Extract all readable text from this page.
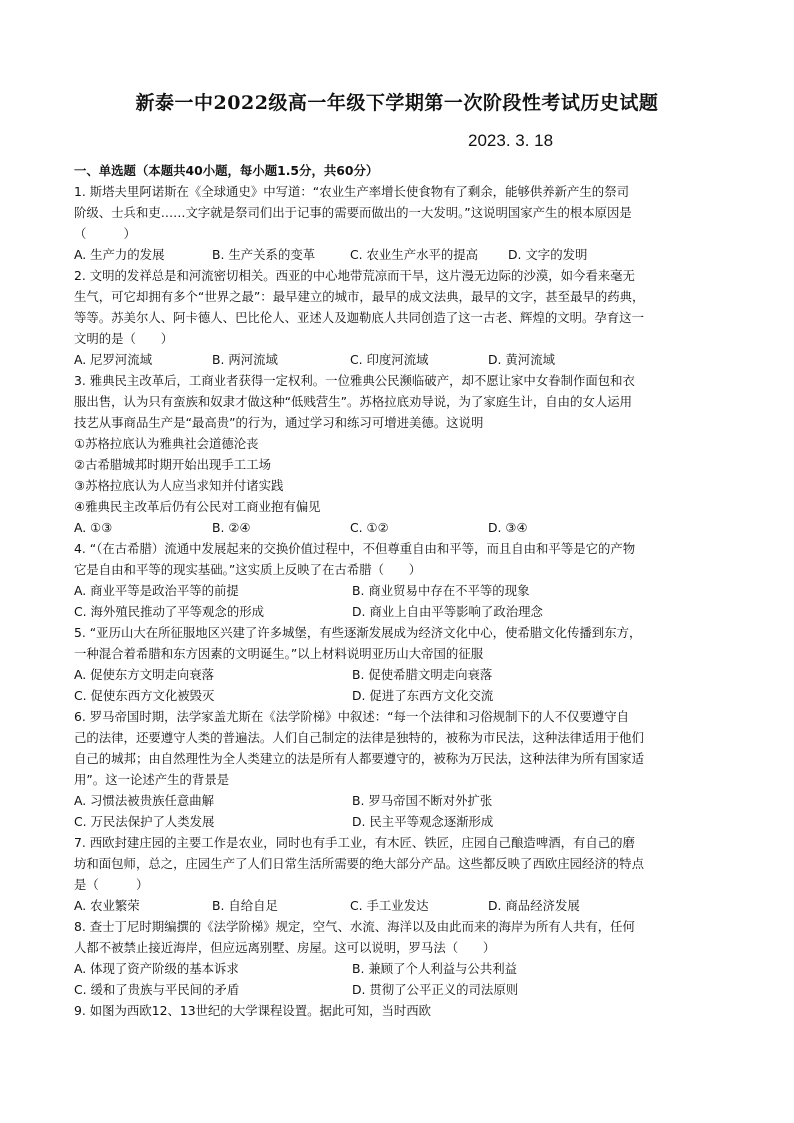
新泰一中2022级高一年级下学期第一次阶段性考试历史试题
2023. 3. 18
一、单选题（本题共40小题，每小题1.5分，共60分）
1. 斯塔夫里阿诺斯在《全球通史》中写道：“农业生产率增长使食物有了剩余，能够供养新产生的祭司
阶级、士兵和吏……文字就是祭司们出于记事的需要而做出的一大发明。”这说明国家产生的根本原因是
（　　　）
A. 生产力的发展	B. 生产关系的变革	C. 农业生产水平的提高	D. 文字的发明
2. 文明的发祥总是和河流密切相关。西亚的中心地带荒凉而干旱，这片漫无边际的沙漠，如今看来毫无
生气，可它却拥有多个“世界之最”：最早建立的城市，最早的成文法典，最早的文字，甚至最早的药典，
等等。苏美尔人、阿卡德人、巴比伦人、亚述人及迦勒底人共同创造了这一古老、辉煌的文明。孕育这一
文明的是（　　）
A. 尼罗河流域	B. 两河流域	C. 印度河流域	D. 黄河流域
3. 雅典民主改革后，工商业者获得一定权利。一位雅典公民濒临破产，却不愿让家中女眷制作面包和衣
服出售，认为只有蛮族和奴隶才做这种“低贱营生”。苏格拉底劝导说，为了家庭生计，自由的女人运用
技艺从事商品生产是“最高贵”的行为，通过学习和练习可增进美德。这说明
①苏格拉底认为雅典社会道德沦丧
②古希腊城邦时期开始出现手工工场
③苏格拉底认为人应当求知并付诸实践
④雅典民主改革后仍有公民对工商业抱有偏见
A. ①③	B. ②④	C. ①②	D. ③④
4. “（在古希腊）流通中发展起来的交换价值过程中，不但尊重自由和平等，而且自由和平等是它的产物
它是自由和平等的现实基础。”这实质上反映了在古希腊（　　）
A. 商业平等是政治平等的前提	B. 商业贸易中存在不平等的现象
C. 海外殖民推动了平等观念的形成	D. 商业上自由平等影响了政治理念
5. “亚历山大在所征服地区兴建了许多城堡，有些逐渐发展成为经济文化中心，使希腊文化传播到东方，
一种混合着希腊和东方因素的文明诞生。”以上材料说明亚历山大帝国的征服
A. 促使东方文明走向衰落	B. 促使希腊文明走向衰落
C. 促使东西方文化被毁灭	D. 促进了东西方文化交流
6. 罗马帝国时期，法学家盖尤斯在《法学阶梯》中叙述：“每一个法律和习俗规制下的人不仅要遵守自
己的法律，还要遵守人类的普遍法。人们自己制定的法律是独特的，被称为市民法，这种法律适用于他们
自己的城邦；由自然理性为全人类建立的法是所有人都要遵守的，被称为万民法，这种法律为所有国家适
用”。这一论述产生的背景是
A. 习惯法被贵族任意曲解	B. 罗马帝国不断对外扩张
C. 万民法保护了人类发展	D. 民主平等观念逐渐形成
7. 西欧封建庄园的主要工作是农业，同时也有手工业，有木匠、铁匠，庄园自己酿造啤酒，有自己的磨
坊和面包师，总之，庄园生产了人们日常生活所需要的绝大部分产品。这些都反映了西欧庄园经济的特点
是（　　　）
A. 农业繁荣	B. 自给自足	C. 手工业发达	D. 商品经济发展
8. 查士丁尼时期编撰的《法学阶梯》规定，空气、水流、海洋以及由此而来的海岸为所有人共有，任何
人都不被禁止接近海岸，但应远离别墅、房屋。这可以说明，罗马法（　　）
A. 体现了资产阶级的基本诉求	B. 兼顾了个人利益与公共利益
C. 缓和了贵族与平民间的矛盾	D. 贯彻了公平正义的司法原则
9. 如图为西欧12、13世纪的大学课程设置。据此可知，当时西欧
